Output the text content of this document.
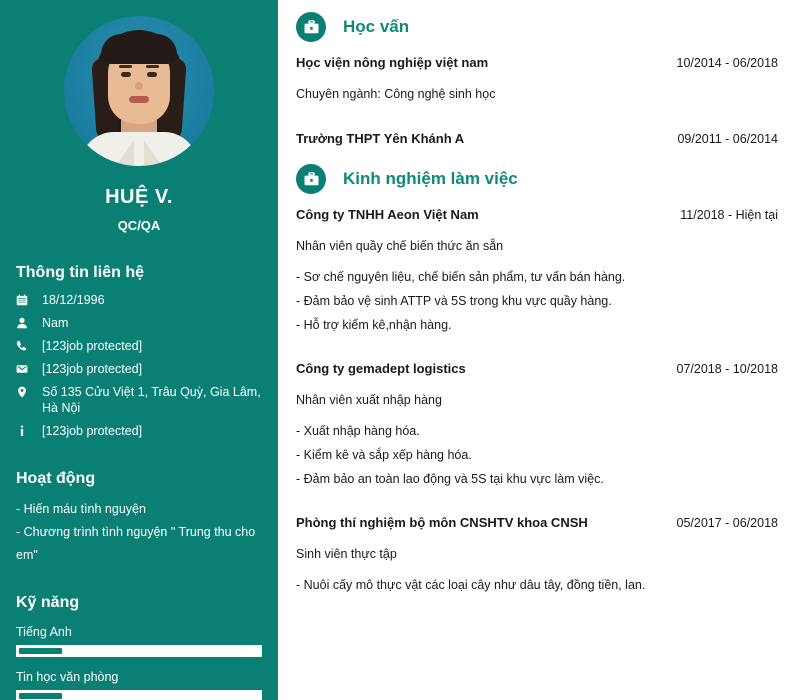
HUỆ V.
QC/QA
Thông tin liên hệ
18/12/1996
Nam
[123job protected]
[123job protected]
Số 135 Cửu Việt 1, Trâu Quỳ, Gia Lâm, Hà Nội
[123job protected]
Hoạt động
- Hiến máu tình nguyện
- Chương trình tình nguyện " Trung thu cho em"
Kỹ năng
Tiếng Anh
Tin học văn phòng
Học vấn
Học viện nông nghiệp việt nam	10/2014 - 06/2018
Chuyên ngành: Công nghệ sinh học
Trường THPT Yên Khánh A	09/2011 - 06/2014
Kinh nghiệm làm việc
Công ty TNHH Aeon Việt Nam	11/2018 - Hiện tại
Nhân viên quầy chế biến thức ăn sẵn
- Sơ chế nguyên liệu, chế biến sản phẩm, tư vấn bán hàng.
- Đảm bảo vệ sinh ATTP và 5S trong khu vực quầy hàng.
- Hỗ trợ kiểm kê,nhận hàng.
Công ty gemadept logistics	07/2018 - 10/2018
Nhân viên xuất nhập hàng
- Xuất nhập hàng hóa.
- Kiểm kê và sắp xếp hàng hóa.
- Đảm bảo an toàn lao động và 5S tại khu vực làm việc.
Phòng thí nghiệm bộ môn CNSHTV khoa CNSH	05/2017 - 06/2018
Sinh viên thực tập
- Nuôi cấy mô thực vật các loại cây như dâu tây, đồng tiền, lan.
